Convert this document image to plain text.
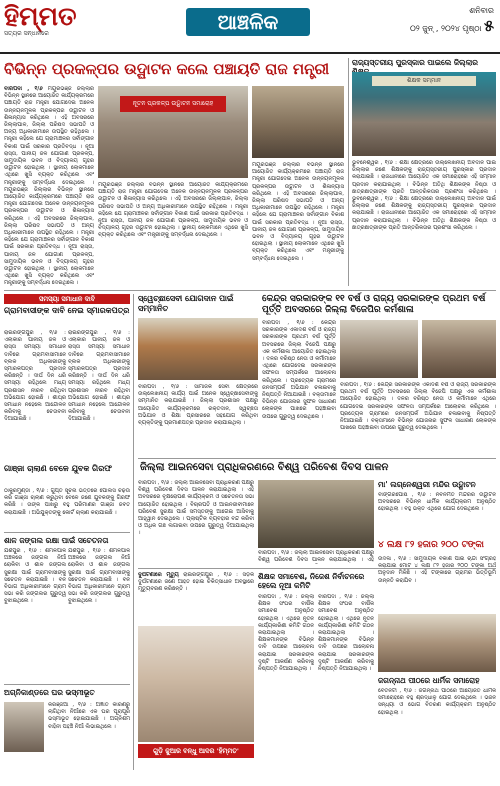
ହିମ୍ମତ
ସତ୍ୟର ସନ୍ଧାନରେ	ଆଞ୍ଚଳିକ	ଶନିବାର
୦୨ ଜୁନ୍ , ୨୦୨୪ ପୃଷ୍ଠା ୫
ବିଭିନ୍ନ ପ୍ରକଳ୍ପର ଉଦ୍ଘାଟନ କଲେ ପଞ୍ଚାୟତି ରାଜ ମନ୍ତ୍ରୀ
ବାରିପଦା , ୧/୬ ମୟୂରଭଞ୍ଜ ଜିଲ୍ଲାର ବିଭିନ୍ନ ସ୍ଥାନରେ ଆୟୋଜିତ କାର୍ଯ୍ୟକ୍ରମରେ ପଞ୍ଚାୟତି ରାଜ ମନ୍ତ୍ରୀ ଯୋଗଦେଇ ଅନେକ ଉନ୍ନୟନମୂଳକ ପ୍ରକଳ୍ପର ଉଦ୍ଘାଟନ ଓ ଶିଳାନ୍ୟାସ କରିଥିଲେ । ଏହି ଅବସରରେ ଜିଲ୍ଲାପାଳ, ଜିଲ୍ଲା ପରିଷଦ ସଭାପତି ଓ ଅନ୍ୟ ଅଧିକାରୀମାନେ ଉପସ୍ଥିତ ରହିଥିଲେ । ମନ୍ତ୍ରୀ କହିଲେ ଯେ ଗ୍ରାମାଞ୍ଚଳର ସର୍ବାଙ୍ଗୀନ ବିକାଶ ପାଇଁ ସରକାର ପ୍ରତିବଦ୍ଧ । ନୂଆ ରାସ୍ତା, ପାନୀୟ ଜଳ ଯୋଗାଣ ପ୍ରକଳ୍ପ, ସାମୁଦାୟିକ ଭବନ ଓ ବିଦ୍ୟାଳୟ ଗୃହର ଉଦ୍ଘାଟନ ହୋଇଥିଲା । ସ୍ଥାନୀୟ ଲୋକମାନେ ଏଥିରେ ଖୁସି ବ୍ୟକ୍ତ କରିଥିଲେ ଏବଂ ମନ୍ତ୍ରୀଙ୍କୁ ସମ୍ବର୍ଦ୍ଧନା ଦେଇଥିଲେ । ମୟୂରଭଞ୍ଜ ଜିଲ୍ଲାର ବିଭିନ୍ନ ସ୍ଥାନରେ ଆୟୋଜିତ କାର୍ଯ୍ୟକ୍ରମରେ ପଞ୍ଚାୟତି ରାଜ ମନ୍ତ୍ରୀ ଯୋଗଦେଇ ଅନେକ ଉନ୍ନୟନମୂଳକ ପ୍ରକଳ୍ପର ଉଦ୍ଘାଟନ ଓ ଶିଳାନ୍ୟାସ କରିଥିଲେ । ଏହି ଅବସରରେ ଜିଲ୍ଲାପାଳ, ଜିଲ୍ଲା ପରିଷଦ ସଭାପତି ଓ ଅନ୍ୟ ଅଧିକାରୀମାନେ ଉପସ୍ଥିତ ରହିଥିଲେ । ମନ୍ତ୍ରୀ କହିଲେ ଯେ ଗ୍ରାମାଞ୍ଚଳର ସର୍ବାଙ୍ଗୀନ ବିକାଶ ପାଇଁ ସରକାର ପ୍ରତିବଦ୍ଧ । ନୂଆ ରାସ୍ତା, ପାନୀୟ ଜଳ ଯୋଗାଣ ପ୍ରକଳ୍ପ, ସାମୁଦାୟିକ ଭବନ ଓ ବିଦ୍ୟାଳୟ ଗୃହର ଉଦ୍ଘାଟନ ହୋଇଥିଲା । ସ୍ଥାନୀୟ ଲୋକମାନେ ଏଥିରେ ଖୁସି ବ୍ୟକ୍ତ କରିଥିଲେ ଏବଂ ମନ୍ତ୍ରୀଙ୍କୁ ସମ୍ବର୍ଦ୍ଧନା ଦେଇଥିଲେ ।
ନୂତନ ପ୍ରକଳ୍ପ ଉଦ୍ଘାଟନ ସମାରୋହ
ମୟୂରଭଞ୍ଜ ଜିଲ୍ଲାର ବିଭିନ୍ନ ସ୍ଥାନରେ ଆୟୋଜିତ କାର୍ଯ୍ୟକ୍ରମରେ ପଞ୍ଚାୟତି ରାଜ ମନ୍ତ୍ରୀ ଯୋଗଦେଇ ଅନେକ ଉନ୍ନୟନମୂଳକ ପ୍ରକଳ୍ପର ଉଦ୍ଘାଟନ ଓ ଶିଳାନ୍ୟାସ କରିଥିଲେ । ଏହି ଅବସରରେ ଜିଲ୍ଲାପାଳ, ଜିଲ୍ଲା ପରିଷଦ ସଭାପତି ଓ ଅନ୍ୟ ଅଧିକାରୀମାନେ ଉପସ୍ଥିତ ରହିଥିଲେ । ମନ୍ତ୍ରୀ କହିଲେ ଯେ ଗ୍ରାମାଞ୍ଚଳର ସର୍ବାଙ୍ଗୀନ ବିକାଶ ପାଇଁ ସରକାର ପ୍ରତିବଦ୍ଧ । ନୂଆ ରାସ୍ତା, ପାନୀୟ ଜଳ ଯୋଗାଣ ପ୍ରକଳ୍ପ, ସାମୁଦାୟିକ ଭବନ ଓ ବିଦ୍ୟାଳୟ ଗୃହର ଉଦ୍ଘାଟନ ହୋଇଥିଲା । ସ୍ଥାନୀୟ ଲୋକମାନେ ଏଥିରେ ଖୁସି ବ୍ୟକ୍ତ କରିଥିଲେ ଏବଂ ମନ୍ତ୍ରୀଙ୍କୁ ସମ୍ବର୍ଦ୍ଧନା ଦେଇଥିଲେ ।
ମୟୂରଭଞ୍ଜ ଜିଲ୍ଲାର ବିଭିନ୍ନ ସ୍ଥାନରେ ଆୟୋଜିତ କାର୍ଯ୍ୟକ୍ରମରେ ପଞ୍ଚାୟତି ରାଜ ମନ୍ତ୍ରୀ ଯୋଗଦେଇ ଅନେକ ଉନ୍ନୟନମୂଳକ ପ୍ରକଳ୍ପର ଉଦ୍ଘାଟନ ଓ ଶିଳାନ୍ୟାସ କରିଥିଲେ । ଏହି ଅବସରରେ ଜିଲ୍ଲାପାଳ, ଜିଲ୍ଲା ପରିଷଦ ସଭାପତି ଓ ଅନ୍ୟ ଅଧିକାରୀମାନେ ଉପସ୍ଥିତ ରହିଥିଲେ । ମନ୍ତ୍ରୀ କହିଲେ ଯେ ଗ୍ରାମାଞ୍ଚଳର ସର୍ବାଙ୍ଗୀନ ବିକାଶ ପାଇଁ ସରକାର ପ୍ରତିବଦ୍ଧ । ନୂଆ ରାସ୍ତା, ପାନୀୟ ଜଳ ଯୋଗାଣ ପ୍ରକଳ୍ପ, ସାମୁଦାୟିକ ଭବନ ଓ ବିଦ୍ୟାଳୟ ଗୃହର ଉଦ୍ଘାଟନ ହୋଇଥିଲା । ସ୍ଥାନୀୟ ଲୋକମାନେ ଏଥିରେ ଖୁସି ବ୍ୟକ୍ତ କରିଥିଲେ ଏବଂ ମନ୍ତ୍ରୀଙ୍କୁ ସମ୍ବର୍ଦ୍ଧନା ଦେଇଥିଲେ ।
ରାଜ୍ୟସ୍ତରୀୟ ପୁରସ୍କାର ପାଇଲେ ଜିଲ୍ଲାର
ଶିକ୍ଷକ ସମ୍ମାନ
ଭୁବନେଶ୍ୱର , ୧/୬ : ଶିକ୍ଷା କ୍ଷେତ୍ରରେ ଉଲ୍ଲେଖନୀୟ ଅବଦାନ ପାଇଁ ଜିଲ୍ଲାର ଜଣେ ଶିକ୍ଷକଙ୍କୁ ରାଜ୍ୟସ୍ତରୀୟ ପୁରସ୍କାର ପ୍ରଦାନ କରାଯାଇଛି । ରାଜଧାନୀରେ ଆୟୋଜିତ ଏକ ସମାରୋହରେ ଏହି ସମ୍ମାନ ପ୍ରଦାନ କରାଯାଇଥିଲା । ବିଭିନ୍ନ ଅତିଥି ଶିକ୍ଷକଙ୍କ ନିଷ୍ଠା ଓ ଛାତ୍ରଛାତ୍ରୀଙ୍କ ପ୍ରତି ଆନ୍ତରିକତାର ପ୍ରଶଂସା କରିଥିଲେ । ଭୁବନେଶ୍ୱର , ୧/୬ : ଶିକ୍ଷା କ୍ଷେତ୍ରରେ ଉଲ୍ଲେଖନୀୟ ଅବଦାନ ପାଇଁ ଜିଲ୍ଲାର ଜଣେ ଶିକ୍ଷକଙ୍କୁ ରାଜ୍ୟସ୍ତରୀୟ ପୁରସ୍କାର ପ୍ରଦାନ କରାଯାଇଛି । ରାଜଧାନୀରେ ଆୟୋଜିତ ଏକ ସମାରୋହରେ ଏହି ସମ୍ମାନ ପ୍ରଦାନ କରାଯାଇଥିଲା । ବିଭିନ୍ନ ଅତିଥି ଶିକ୍ଷକଙ୍କ ନିଷ୍ଠା ଓ ଛାତ୍ରଛାତ୍ରୀଙ୍କ ପ୍ରତି ଆନ୍ତରିକତାର ପ୍ରଶଂସା କରିଥିଲେ ।
ସମସ୍ୟା ସମାଧାନ ଦାବି
ଗ୍ରାମବାସୀଙ୍କ ଦାବି ନେଇ ସ୍ମାରକପତ୍ର
ରାଇରଙ୍ଗପୁର , ୧/୬ : ଏଲାକାର ପାନୀୟ ଜଳ ଓ ରାସ୍ତା ସମସ୍ୟା ସମାଧାନ ଦାବିରେ ଗ୍ରାମବାସୀମାନେ ବ୍ଲକ ଅଧିକାରୀଙ୍କୁ ସ୍ମାରକପତ୍ର ପ୍ରଦାନ କରିଛନ୍ତି । ଦୀର୍ଘ ଦିନ ଧରି ସମସ୍ୟା ରହିଥିଲେ ମଧ୍ୟ ପ୍ରଶାସନ ନୀରବ ରହିଥିବା ଅଭିଯୋଗ ହୋଇଛି । ଶୀଘ୍ର ସମାଧାନ ନହେଲେ ଆନ୍ଦୋଳନ କରିବାକୁ ଚେତାବନୀ ଦିଆଯାଇଛି ।
ରାଇରଙ୍ଗପୁର , ୧/୬ : ଏଲାକାର ପାନୀୟ ଜଳ ଓ ରାସ୍ତା ସମସ୍ୟା ସମାଧାନ ଦାବିରେ ଗ୍ରାମବାସୀମାନେ ବ୍ଲକ ଅଧିକାରୀଙ୍କୁ ସ୍ମାରକପତ୍ର ପ୍ରଦାନ କରିଛନ୍ତି । ଦୀର୍ଘ ଦିନ ଧରି ସମସ୍ୟା ରହିଥିଲେ ମଧ୍ୟ ପ୍ରଶାସନ ନୀରବ ରହିଥିବା ଅଭିଯୋଗ ହୋଇଛି । ଶୀଘ୍ର ସମାଧାନ ନହେଲେ ଆନ୍ଦୋଳନ କରିବାକୁ ଚେତାବନୀ ଦିଆଯାଇଛି ।
ସ୍ୱେଚ୍ଛାସେବୀ ଯୋଗଦାନ ପାଇଁ ସମ୍ମାନିତ
ବାରିପଦା , ୧/୬ : ସାମାଜିକ ସେବା କ୍ଷେତ୍ରରେ ଉଲ୍ଲେଖନୀୟ କାର୍ଯ୍ୟ ପାଇଁ ଅନେକ ସ୍ୱେଚ୍ଛାସେବୀଙ୍କୁ ସମ୍ମାନିତ କରାଯାଇଛି । ଜିଲ୍ଲା ପ୍ରଶାସନ ପକ୍ଷରୁ ଆୟୋଜିତ କାର୍ଯ୍ୟକ୍ରମରେ ରକ୍ତଦାନ, ସ୍ୱଚ୍ଛତା ଅଭିଯାନ ଓ ଶିକ୍ଷା ପ୍ରସାରରେ ସହଯୋଗ କରିଥିବା ବ୍ୟକ୍ତିଙ୍କୁ ପ୍ରମାଣପତ୍ର ପ୍ରଦାନ କରାଯାଇଥିଲା ।
କେନ୍ଦ୍ର ସରକାରଙ୍କ ୧୧ ବର୍ଷ ଓ ରାଜ୍ୟ ସରକାରଙ୍କ ପ୍ରଥମ ବର୍ଷ ପୂର୍ତ୍ତି ଅବସରରେ ଜିଲ୍ଲା ବିଜେପିର କର୍ମଶାଳା
ବାରିପଦା , ୧/୬ : କେନ୍ଦ୍ର ସରକାରଙ୍କ ଏକାଦଶ ବର୍ଷ ଓ ରାଜ୍ୟ ସରକାରଙ୍କ ପ୍ରଥମ ବର୍ଷ ପୂର୍ତ୍ତି ଅବସରରେ ଜିଲ୍ଲା ବିଜେପି ପକ୍ଷରୁ ଏକ କର୍ମଶାଳା ଆୟୋଜିତ ହୋଇଥିଲା । ଦଳର ବରିଷ୍ଠ ନେତା ଓ କର୍ମୀମାନେ ଏଥିରେ ଯୋଗଦେଇ ସରକାରଙ୍କ ସଫଳତା ସମ୍ପର୍କରେ ଆଲୋଚନା କରିଥିଲେ । ପ୍ରତ୍ୟେକ ଗ୍ରାମରେ ଜନସମ୍ପର୍କ ଅଭିଯାନ ଚଳାଇବାକୁ ନିଷ୍ପତ୍ତି ନିଆଯାଇଛି । ବକ୍ତାମାନେ ବିଭିନ୍ନ ଯୋଜନାର ସୁଫଳ ସାଧାରଣ ଲୋକଙ୍କ ପାଖରେ ପହଞ୍ଚାଇବା ଉପରେ ଗୁରୁତ୍ୱ ଦେଇଥିଲେ ।
ବାରିପଦା , ୧/୬ : କେନ୍ଦ୍ର ସରକାରଙ୍କ ଏକାଦଶ ବର୍ଷ ଓ ରାଜ୍ୟ ସରକାରଙ୍କ ପ୍ରଥମ ବର୍ଷ ପୂର୍ତ୍ତି ଅବସରରେ ଜିଲ୍ଲା ବିଜେପି ପକ୍ଷରୁ ଏକ କର୍ମଶାଳା ଆୟୋଜିତ ହୋଇଥିଲା । ଦଳର ବରିଷ୍ଠ ନେତା ଓ କର୍ମୀମାନେ ଏଥିରେ ଯୋଗଦେଇ ସରକାରଙ୍କ ସଫଳତା ସମ୍ପର୍କରେ ଆଲୋଚନା କରିଥିଲେ । ପ୍ରତ୍ୟେକ ଗ୍ରାମରେ ଜନସମ୍ପର୍କ ଅଭିଯାନ ଚଳାଇବାକୁ ନିଷ୍ପତ୍ତି ନିଆଯାଇଛି । ବକ୍ତାମାନେ ବିଭିନ୍ନ ଯୋଜନାର ସୁଫଳ ସାଧାରଣ ଲୋକଙ୍କ ପାଖରେ ପହଞ୍ଚାଇବା ଉପରେ ଗୁରୁତ୍ୱ ଦେଇଥିଲେ ।
ଜିଲ୍ଲା ଆଇନସେବା ପ୍ରାଧିକରଣରେ ବିଶ୍ୱ ପରିବେଶ ଦିବସ ପାଳନ
ବାରିପଦା , ୧/୬ : ଜିଲ୍ଲା ଆଇନସେବା ପ୍ରାଧିକରଣ ପକ୍ଷରୁ ବିଶ୍ୱ ପରିବେଶ ଦିବସ ପାଳନ କରାଯାଇଥିଲା । ଏହି ଅବସରରେ ବୃକ୍ଷରୋପଣ କାର୍ଯ୍ୟକ୍ରମ ଓ ସଚେତନତା ସଭା ଆୟୋଜିତ ହୋଇଥିଲା । ବିଚାରପତି ଓ ଆଇନଜୀବୀମାନେ ପରିବେଶ ସୁରକ୍ଷା ପାଇଁ ସମସ୍ତଙ୍କୁ ଆଗେଇ ଆସିବାକୁ ଆହ୍ୱାନ ଦେଇଥିଲେ । ପ୍ଲାଷ୍ଟିକ ବ୍ୟବହାର ବନ୍ଦ କରିବା ଓ ଅଧିକ ଗଛ ଲଗାଇବା ଉପରେ ଗୁରୁତ୍ୱ ଦିଆଯାଇଥିଲା ।
ବାରିପଦା , ୧/୬ : ଜିଲ୍ଲା ଆଇନସେବା ପ୍ରାଧିକରଣ ପକ୍ଷରୁ ବିଶ୍ୱ ପରିବେଶ ଦିବସ ପାଳନ କରାଯାଇଥିଲା । ଏହି
ମା' ଲଗ୍ନେଶ୍ୱରୀ ମନ୍ଦିର ଉଦ୍ଘାଟନ
ବାଙ୍ଗିରିପୋଷି , ୧/୬ : ନବନିର୍ମିତ ମନ୍ଦିରର ଉଦ୍ଘାଟନ ଅବସରରେ ବିଭିନ୍ନ ଧାର୍ମିକ କାର୍ଯ୍ୟକ୍ରମ ଅନୁଷ୍ଠିତ ହୋଇଥିଲା । ବହୁ ଭକ୍ତ ଏଥିରେ ଯୋଗ ଦେଇଥିଲେ ।
୪ ଲକ୍ଷ ୮୨ ହଜାର ୨୦୦ ଟଙ୍କା
ଗାଞ୍ଜା ଚାଲାଣ ବେଳେ ଯୁବକ ଗିରଫ
ଠାକୁରମୁଣ୍ଡା , ୧/୬ : ଗୁପ୍ତ ସୂଚନା ଭିତ୍ତିରେ ପୋଲିସ ଚଢ଼ଉ କରି ଗାଞ୍ଜା ଚାଲାଣ କରୁଥିବା ବେଳେ ଜଣେ ଯୁବକଙ୍କୁ ଗିରଫ କରିଛି । ତାଙ୍କ ପାଖରୁ ବହୁ ପରିମାଣର ଗାଞ୍ଜା ଜବତ କରାଯାଇଛି । ଅଭିଯୁକ୍ତଙ୍କୁ କୋର୍ଟ ଚାଲାଣ କରାଯାଇଛି ।
ଶାଳ ଜଙ୍ଗଲ ରକ୍ଷା ପାଇଁ ସଚେତନତା
ଯଶିପୁର , ୧/୬ : ଶିମିଳିପାଳ ଅଞ୍ଚଳରେ ଜଙ୍ଗଲ ନିଆଁ ରୋକିବା ଓ ଶାଳ ଜଙ୍ଗଲ ସୁରକ୍ଷା ପାଇଁ ଗ୍ରାମବାସୀଙ୍କୁ ସଚେତନ କରାଯାଇଛି । ବନ ବିଭାଗ ଅଧିକାରୀମାନେ ଗ୍ରାମ ସଭା କରି ଜଙ୍ଗଲର ଗୁରୁତ୍ୱ ବୁଝାଇଥିଲେ ।
ଯଶିପୁର , ୧/୬ : ଶିମିଳିପାଳ ଅଞ୍ଚଳରେ ଜଙ୍ଗଲ ନିଆଁ ରୋକିବା ଓ ଶାଳ ଜଙ୍ଗଲ ସୁରକ୍ଷା ପାଇଁ ଗ୍ରାମବାସୀଙ୍କୁ ସଚେତନ କରାଯାଇଛି । ବନ ବିଭାଗ ଅଧିକାରୀମାନେ ଗ୍ରାମ ସଭା କରି ଜଙ୍ଗଲର ଗୁରୁତ୍ୱ ବୁଝାଇଥିଲେ ।
ଅଗ୍ନିକାଣ୍ଡରେ ଘର ଭସ୍ମୀଭୂତ
କରଞ୍ଜିଆ , ୧/୬ : ଅଜ୍ଞାତ କାରଣରୁ ଲାଗିଥିବା ନିଆଁରେ ଏକ ଘର ପୂରାପୂରି ଭସ୍ମୀଭୂତ ହୋଇଯାଇଛି । ଅଗ୍ନିଶମ ବାହିନୀ ପହଞ୍ଚି ନିଆଁ ଲିଭାଇଥିଲେ ।
ଦୁର୍ଘଟଣାରେ ମୃତ୍ୟୁ ରାଇରଙ୍ଗପୁର , ୧/୬ : ସଡ଼କ ଦୁର୍ଘଟଣାରେ ଜଣେ ଆହତ ହୋଇ ଚିକିତ୍ସାଧୀନ ଅବସ୍ଥାରେ ମୃତ୍ୟୁବରଣ କରିଛନ୍ତି ।
ଗୁଡ଼ି ଜୁଆର ବନ୍ଧୁ ଆଦର 'ହିମ୍ମତ'
ଶିକ୍ଷକ ସମାବେଶ, ନିଜେଶ ନିର୍ବାଚନରେ ହେଲେ ନୂଆ କମିଟି
ବାରିପଦା , ୧/୬ : ଜିଲ୍ଲା ଶିକ୍ଷକ ସଂଘର ବାର୍ଷିକ ସମାବେଶ ଅନୁଷ୍ଠିତ ହୋଇଥିଲା । ଏଥିରେ ନୂତନ କାର୍ଯ୍ୟକାରିଣୀ କମିଟି ଗଠନ କରାଯାଇଥିଲା । ଶିକ୍ଷକମାନଙ୍କ ବିଭିନ୍ନ ଦାବି ଉପରେ ଆଲୋଚନା କରାଯାଇ ସରକାରଙ୍କ ଦୃଷ୍ଟି ଆକର୍ଷଣ କରିବାକୁ ନିଷ୍ପତ୍ତି ନିଆଯାଇଥିଲା ।
ବାରିପଦା , ୧/୬ : ଜିଲ୍ଲା ଶିକ୍ଷକ ସଂଘର ବାର୍ଷିକ ସମାବେଶ ଅନୁଷ୍ଠିତ ହୋଇଥିଲା । ଏଥିରେ ନୂତନ କାର୍ଯ୍ୟକାରିଣୀ କମିଟି ଗଠନ କରାଯାଇଥିଲା । ଶିକ୍ଷକମାନଙ୍କ ବିଭିନ୍ନ ଦାବି ଉପରେ ଆଲୋଚନା କରାଯାଇ ସରକାରଙ୍କ ଦୃଷ୍ଟି ଆକର୍ଷଣ କରିବାକୁ ନିଷ୍ପତ୍ତି ନିଆଯାଇଥିଲା ।
ଉଦଳା , ୧/୬ : ସାମୁଦାୟିକ ବିକାଶ ପାଇଁ ଚାନ୍ଦା ସଂଗ୍ରହ କରାଯାଇ ମୋଟ ୪ ଲକ୍ଷ ୮୨ ହଜାର ୨୦୦ ଟଙ୍କା ଅର୍ଥ ଅନୁଦାନ ମିଳିଛି । ଏହି ଟଙ୍କାରେ ଗ୍ରାମର ଭିତ୍ତିଭୂମି ଉନ୍ନତି କରାଯିବ ।
ଜଗନ୍ନାଥ ପୀଠରେ ଧାର୍ମିକ ସମାରୋହ
ବେତନଟୀ , ୧/୬ : ଜଗନ୍ନାଥ ପୀଠରେ ଆୟୋଜିତ ଧାର୍ମିକ ସମାରୋହରେ ବହୁ ଶ୍ରଦ୍ଧାଳୁ ଯୋଗ ଦେଇଥିଲେ । ଭଜନ ସନ୍ଧ୍ୟା ଓ ଭୋଗ ବିତରଣ କାର୍ଯ୍ୟକ୍ରମ ଅନୁଷ୍ଠିତ ହୋଇଥିଲା ।
